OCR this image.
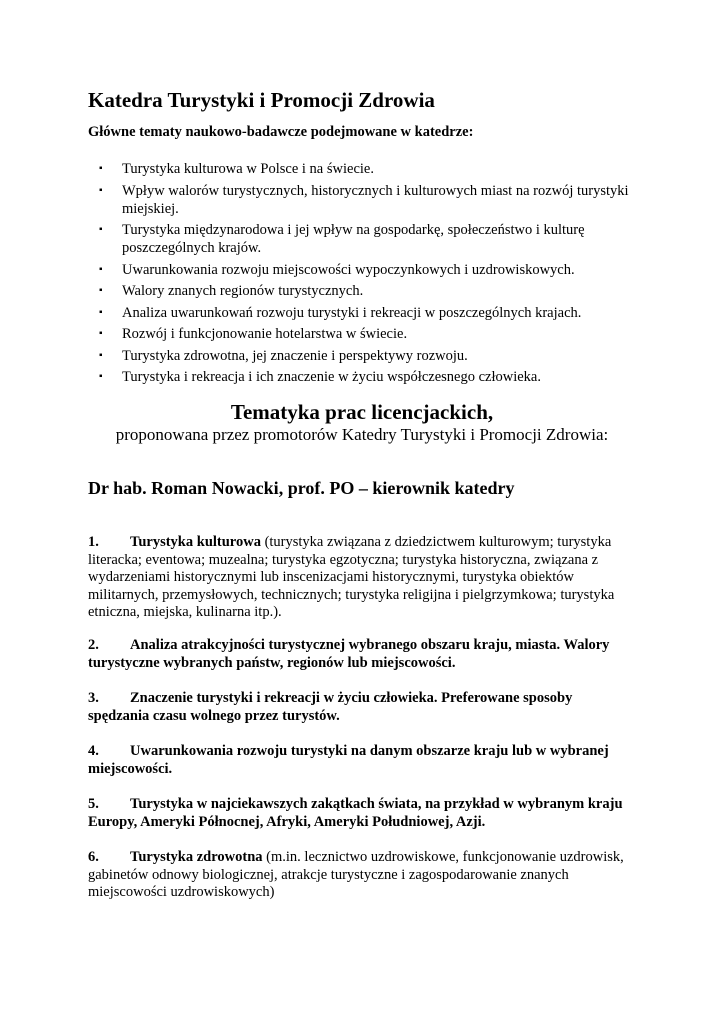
Katedra Turystyki i Promocji Zdrowia
Główne tematy naukowo-badawcze podejmowane w katedrze:
▪ Turystyka kulturowa w Polsce i na świecie.
▪ Wpływ walorów turystycznych, historycznych i kulturowych miast na rozwój turystyki miejskiej.
▪ Turystyka międzynarodowa i jej wpływ na gospodarkę, społeczeństwo i kulturę poszczególnych krajów.
▪ Uwarunkowania rozwoju miejscowości wypoczynkowych i uzdrowiskowych.
▪ Walory znanych regionów turystycznych.
▪ Analiza uwarunkowań rozwoju turystyki i rekreacji w poszczególnych krajach.
▪ Rozwój i funkcjonowanie hotelarstwa w świecie.
▪ Turystyka zdrowotna, jej znaczenie i perspektywy rozwoju.
▪ Turystyka i rekreacja i ich znaczenie w życiu współczesnego człowieka.
Tematyka prac licencjackich,
proponowana przez promotorów Katedry Turystyki i Promocji Zdrowia:
Dr hab. Roman Nowacki, prof. PO – kierownik katedry
1. Turystyka kulturowa (turystyka związana z dziedzictwem kulturowym; turystyka literacka; eventowa; muzealna; turystyka egzotyczna; turystyka historyczna, związana z wydarzeniami historycznymi lub inscenizacjami historycznymi, turystyka obiektów militarnych, przemysłowych, technicznych; turystyka religijna i pielgrzymkowa; turystyka etniczna, miejska, kulinarna itp.).
2. Analiza atrakcyjności turystycznej wybranego obszaru kraju, miasta. Walory turystyczne wybranych państw, regionów lub miejscowości.
3. Znaczenie turystyki i rekreacji w życiu człowieka. Preferowane sposoby spędzania czasu wolnego przez turystów.
4. Uwarunkowania rozwoju turystyki na danym obszarze kraju lub w wybranej miejscowości.
5. Turystyka w najciekawszych zakątkach świata, na przykład w wybranym kraju Europy, Ameryki Północnej, Afryki, Ameryki Południowej, Azji.
6. Turystyka zdrowotna (m.in. lecznictwo uzdrowiskowe, funkcjonowanie uzdrowisk, gabinetów odnowy biologicznej, atrakcje turystyczne i zagospodarowanie znanych miejscowości uzdrowiskowych)
